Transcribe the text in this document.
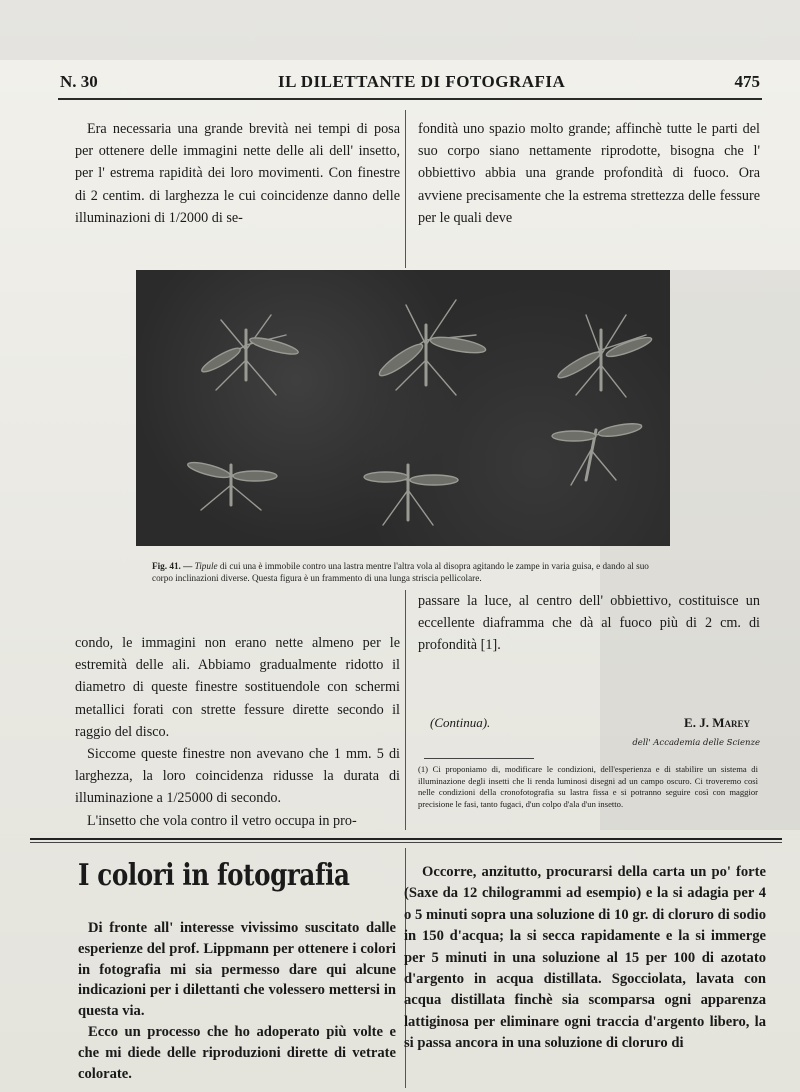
N. 30	IL DILETTANTE DI FOTOGRAFIA	475

Era necessaria una grande brevità nei tempi di posa per ottenere delle immagini nette delle ali dell' insetto, per l' estrema rapidità dei loro movimenti. Con finestre di 2 centim. di larghezza le cui coincidenze danno delle illuminazioni di 1/2000 di se-

fondità uno spazio molto grande; affinchè tutte le parti del suo corpo siano nettamente riprodotte, bisogna che l' obbiettivo abbia una grande profondità di fuoco. Ora avviene precisamente che la estrema strettezza delle fessure per le quali deve

Fig. 41. — Tipule di cui una è immobile contro una lastra mentre l'altra vola al disopra agitando le zampe in varia guisa, e dando al suo corpo inclinazioni diverse. Questa figura è un frammento di una lunga striscia pellicolare.

condo, le immagini non erano nette almeno per le estremità delle ali. Abbiamo gradualmente ridotto il diametro di queste finestre sostituendole con schermi metallici forati con strette fessure dirette secondo il raggio del disco.

Siccome queste finestre non avevano che 1 mm. 5 di larghezza, la loro coincidenza ridusse la durata di illuminazione a 1/25000 di secondo.

L'insetto che vola contro il vetro occupa in pro-

passare la luce, al centro dell' obbiettivo, costituisce un eccellente diaframma che dà al fuoco più di 2 cm. di profondità [1].

(Continua).	E. J. Marey
dell' Accademia delle Scienze
(1) Ci proponiamo di, modificare le condizioni, dell'esperienza e di stabilire un sistema di illuminazione degli insetti che li renda luminosi disegni ad un campo oscuro. Ci troveremo così nelle condizioni della cronofotografia su lastra fissa e si potranno seguire così con maggior precisione le fasi, tanto fugaci, d'un colpo d'ala d'un insetto.
I colori in fotografia

Di fronte all' interesse vivissimo suscitato dalle esperienze del prof. Lippmann per ottenere i colori in fotografia mi sia permesso dare qui alcune indicazioni per i dilettanti che volessero mettersi in questa via.

Ecco un processo che ho adoperato più volte e che mi diede delle riproduzioni dirette di vetrate colorate.

Occorre, anzitutto, procurarsi della carta un po' forte (Saxe da 12 chilogrammi ad esempio) e la si adagia per 4 o 5 minuti sopra una soluzione di 10 gr. di cloruro di sodio in 150 d'acqua; la si secca rapidamente e la si immerge per 5 minuti in una soluzione al 15 per 100 di azotato d'argento in acqua distillata. Sgocciolata, lavata con acqua distillata finchè sia scomparsa ogni apparenza lattiginosa per eliminare ogni traccia d'argento libero, la si passa ancora in una soluzione di cloruro di
